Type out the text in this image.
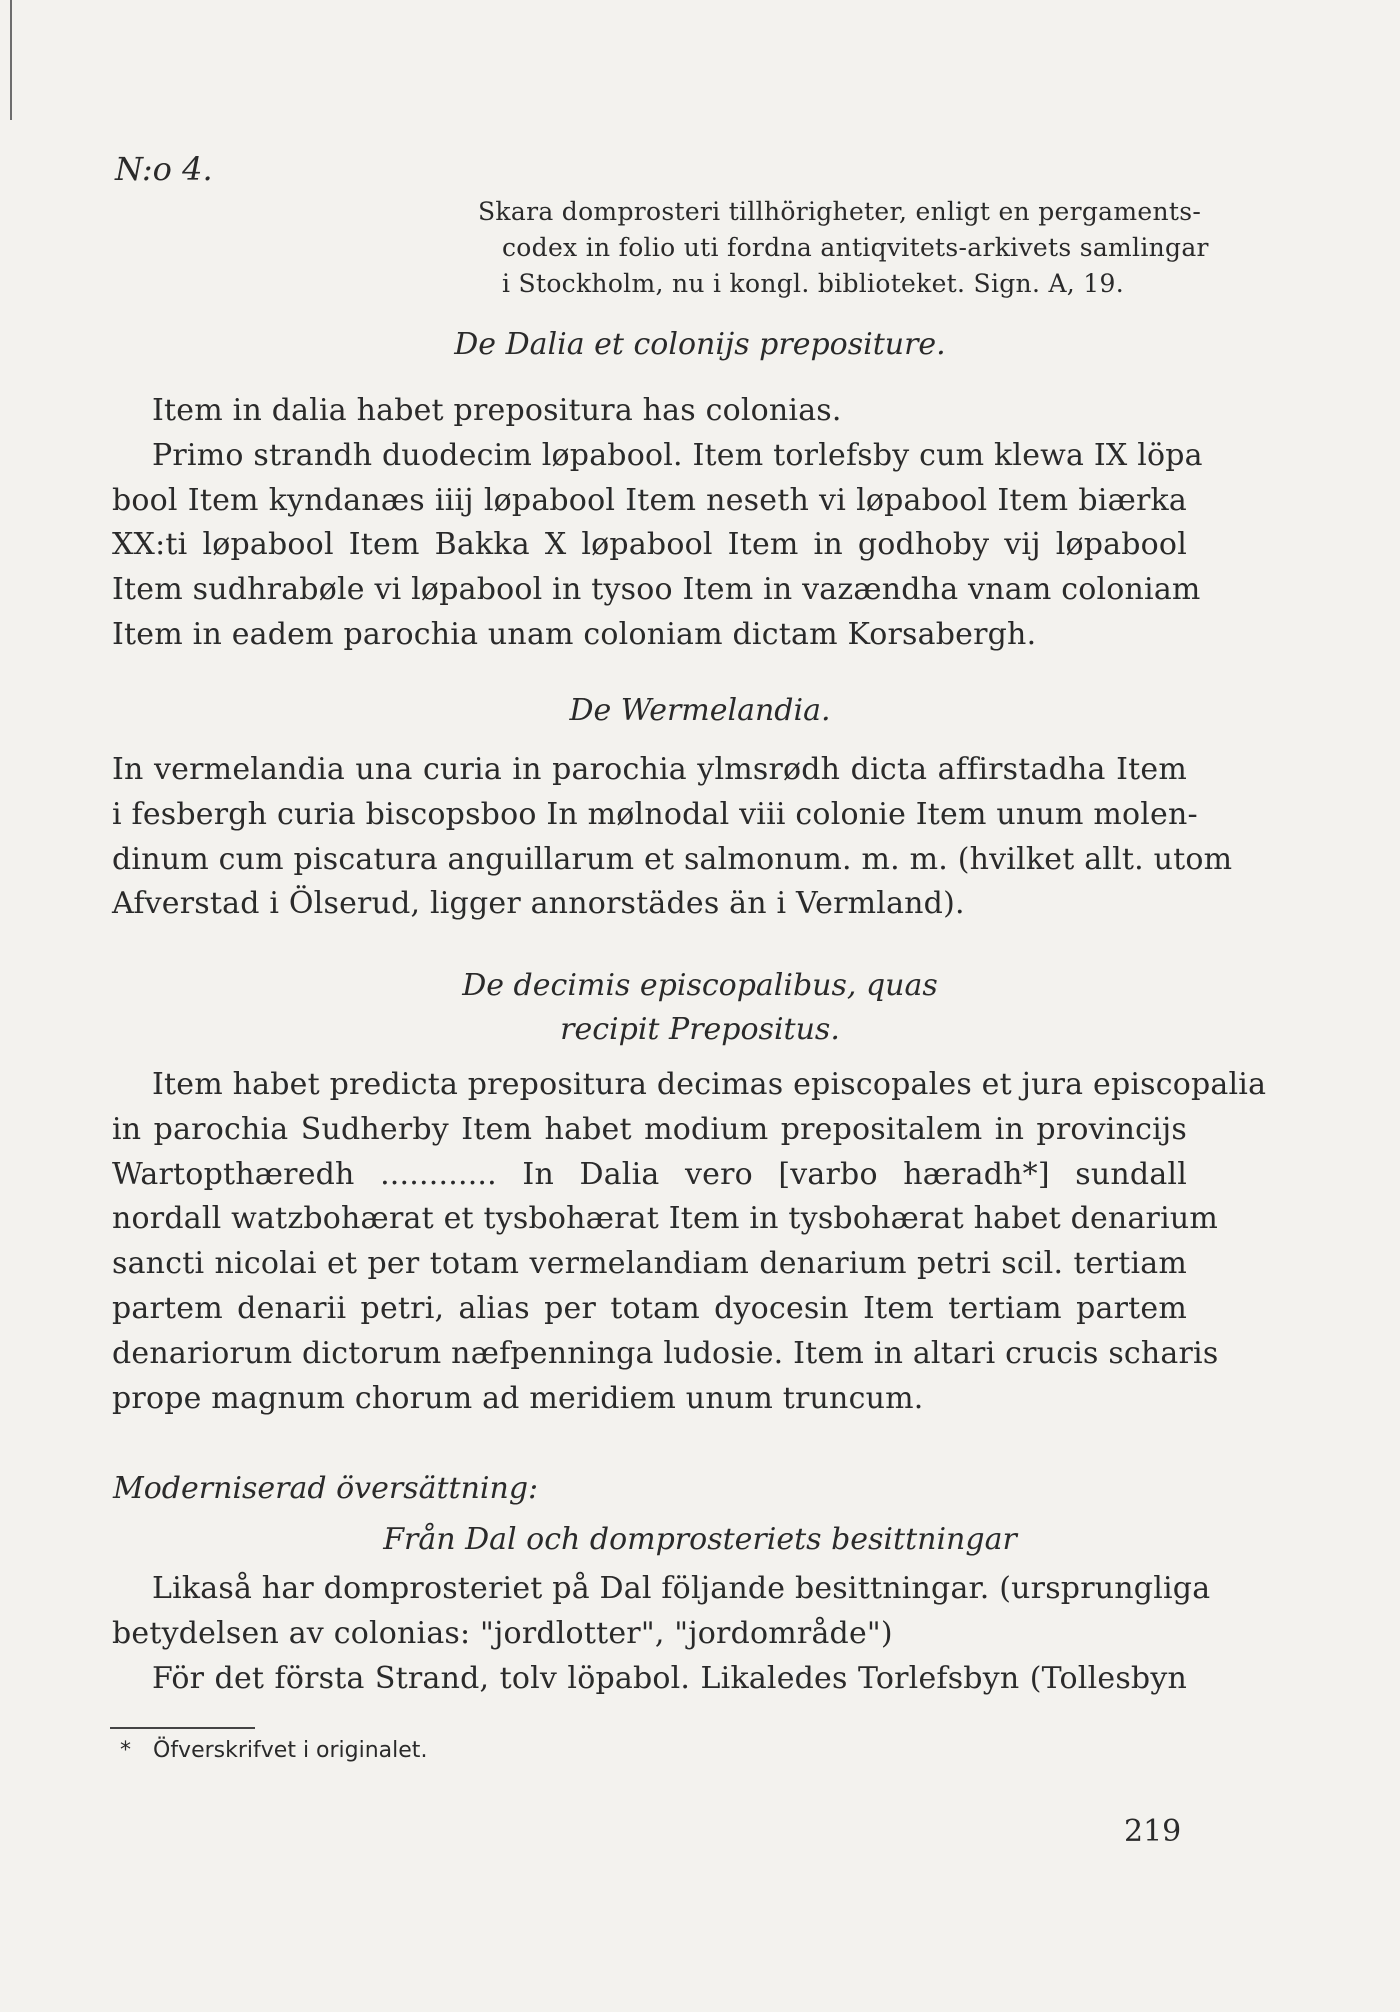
N:o 4.
Skara domprosteri tillhörigheter, enligt en pergaments-
codex in folio uti fordna antiqvitets-arkivets samlingar
i Stockholm, nu i kongl. biblioteket. Sign. A, 19.
De Dalia et colonijs prepositure.
Item in dalia habet prepositura has colonias.
Primo strandh duodecim løpabool. Item torlefsby cum klewa IX löpa
bool Item kyndanæs iiij løpabool Item neseth vi løpabool Item biærka
XX:ti løpabool Item Bakka X løpabool Item in godhoby vij løpabool
Item sudhrabøle vi løpabool in tysoo Item in vazændha vnam coloniam
Item in eadem parochia unam coloniam dictam Korsabergh.
De Wermelandia.
In vermelandia una curia in parochia ylmsrødh dicta affirstadha Item
i fesbergh curia biscopsboo In mølnodal viii colonie Item unum molen-
dinum cum piscatura anguillarum et salmonum. m. m. (hvilket allt. utom
Afverstad i Ölserud, ligger annorstädes än i Vermland).
De decimis episcopalibus, quas
recipit Prepositus.
Item habet predicta prepositura decimas episcopales et jura episcopalia
in parochia Sudherby Item habet modium prepositalem in provincijs
Wartopthæredh ............ In Dalia vero [varbo hæradh*] sundall
nordall watzbohærat et tysbohærat Item in tysbohærat habet denarium
sancti nicolai et per totam vermelandiam denarium petri scil. tertiam
partem denarii petri, alias per totam dyocesin Item tertiam partem
denariorum dictorum næfpenninga ludosie. Item in altari crucis scharis
prope magnum chorum ad meridiem unum truncum.
Moderniserad översättning:
Från Dal och domprosteriets besittningar
Likaså har domprosteriet på Dal följande besittningar. (ursprungliga
betydelsen av colonias: "jordlotter", "jordområde")
För det första Strand, tolv löpabol. Likaledes Torlefsbyn (Tollesbyn
* Öfverskrifvet i originalet.
219
